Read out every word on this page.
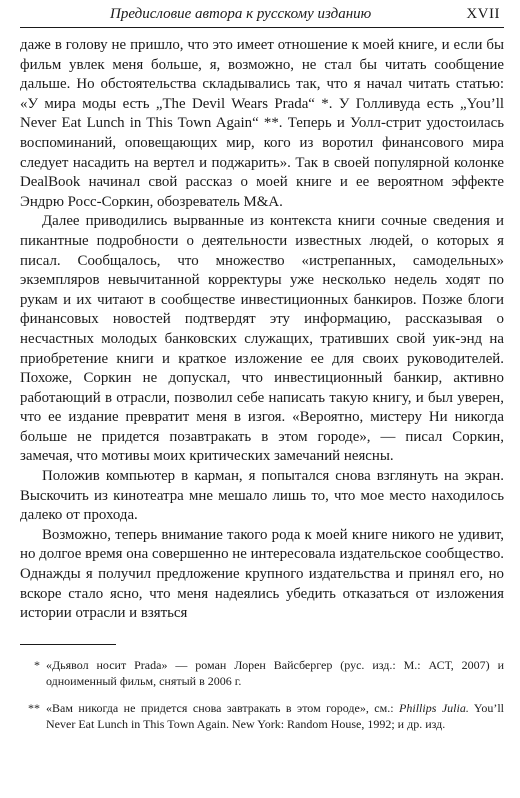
Предисловие автора к русскому изданию	XVII

даже в голову не пришло, что это имеет отношение к моей книге, и если бы фильм увлек меня больше, я, возможно, не стал бы читать сообщение дальше. Но обстоятельства складывались так, что я начал читать статью: «У мира моды есть „The Devil Wears Prada“ *. У Голливуда есть „You’ll Never Eat Lunch in This Town Again“ **. Теперь и Уолл-стрит удостоилась воспоминаний, оповещающих мир, кого из воротил финансового мира следует насадить на вертел и поджарить». Так в своей популярной колонке DealBook начинал свой рассказ о моей книге и ее вероятном эффекте Эндрю Росс-Соркин, обозреватель M&A.

Далее приводились вырванные из контекста книги сочные сведения и пикантные подробности о деятельности известных людей, о которых я писал. Сообщалось, что множество «истрепанных, самодельных» экземпляров невычитанной корректуры уже несколько недель ходят по рукам и их читают в сообществе инвестиционных банкиров. Позже блоги финансовых новостей подтвердят эту информацию, рассказывая о несчастных молодых банковских служащих, тративших свой уик-энд на приобретение книги и краткое изложение ее для своих руководителей. Похоже, Соркин не допускал, что инвестиционный банкир, активно работающий в отрасли, позволил себе написать такую книгу, и был уверен, что ее издание превратит меня в изгоя. «Вероятно, мистеру Ни никогда больше не придется позавтракать в этом городе», — писал Соркин, замечая, что мотивы моих критических замечаний неясны.

Положив компьютер в карман, я попытался снова взглянуть на экран. Выскочить из кинотеатра мне мешало лишь то, что мое место находилось далеко от прохода.

Возможно, теперь внимание такого рода к моей книге никого не удивит, но долгое время она совершенно не интересовала издательское сообщество. Однажды я получил предложение крупного издательства и принял его, но вскоре стало ясно, что меня надеялись убедить отказаться от изложения истории отрасли и взяться

* «Дьявол носит Prada» — роман Лорен Вайсбергер (рус. изд.: М.: АСТ, 2007) и одноименный фильм, снятый в 2006 г.
** «Вам никогда не придется снова завтракать в этом городе», см.: Phillips Julia. You’ll Never Eat Lunch in This Town Again. New York: Random House, 1992; и др. изд.
